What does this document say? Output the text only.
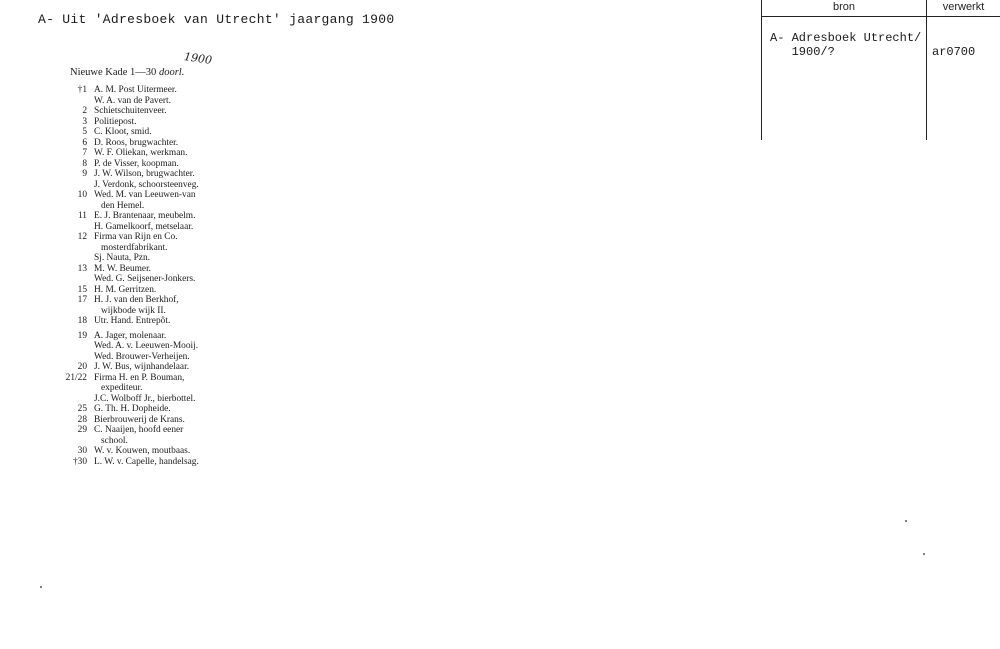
A- Uit 'Adresboek van Utrecht' jaargang 1900
1900
Nieuwe Kade 1—30 doorl.
†1 A. M. Post Uitermeer.
W. A. van de Pavert.
2 Schietschuitenveer.
3 Politiepost.
5 C. Kloot, smid.
6 D. Roos, brugwachter.
7 W. F. Oliekan, werkman.
8 P. de Visser, koopman.
9 J. W. Wilson, brugwachter.
J. Verdonk, schoorsteenveg.
10 Wed. M. van Leeuwen-van
den Hemel.
11 E. J. Brantenaar, meubelm.
H. Gamelkoorf, metselaar.
12 Firma van Rijn en Co.
mosterdfabrikant.
Sj. Nauta, Pzn.
13 M. W. Beumer.
Wed. G. Seijsener-Jonkers.
15 H. M. Gerritzen.
17 H. J. van den Berkhof,
wijkbode wijk II.
18 Utr. Hand. Entrepôt.
19 A. Jager, molenaar.
Wed. A. v. Leeuwen-Mooij.
Wed. Brouwer-Verheijen.
20 J. W. Bus, wijnhandelaar.
21/22 Firma H. en P. Bouman,
expediteur.
J.C. Wolboff Jr., bierbottel.
25 G. Th. H. Dopheide.
28 Bierbrouwerij de Krans.
29 C. Naaijen, hoofd eener
school.
30 W. v. Kouwen, moutbaas.
†30 L. W. v. Capelle, handelsag.
bron	verwerkt
A- Adresboek Utrecht/
1900/?	ar0700
